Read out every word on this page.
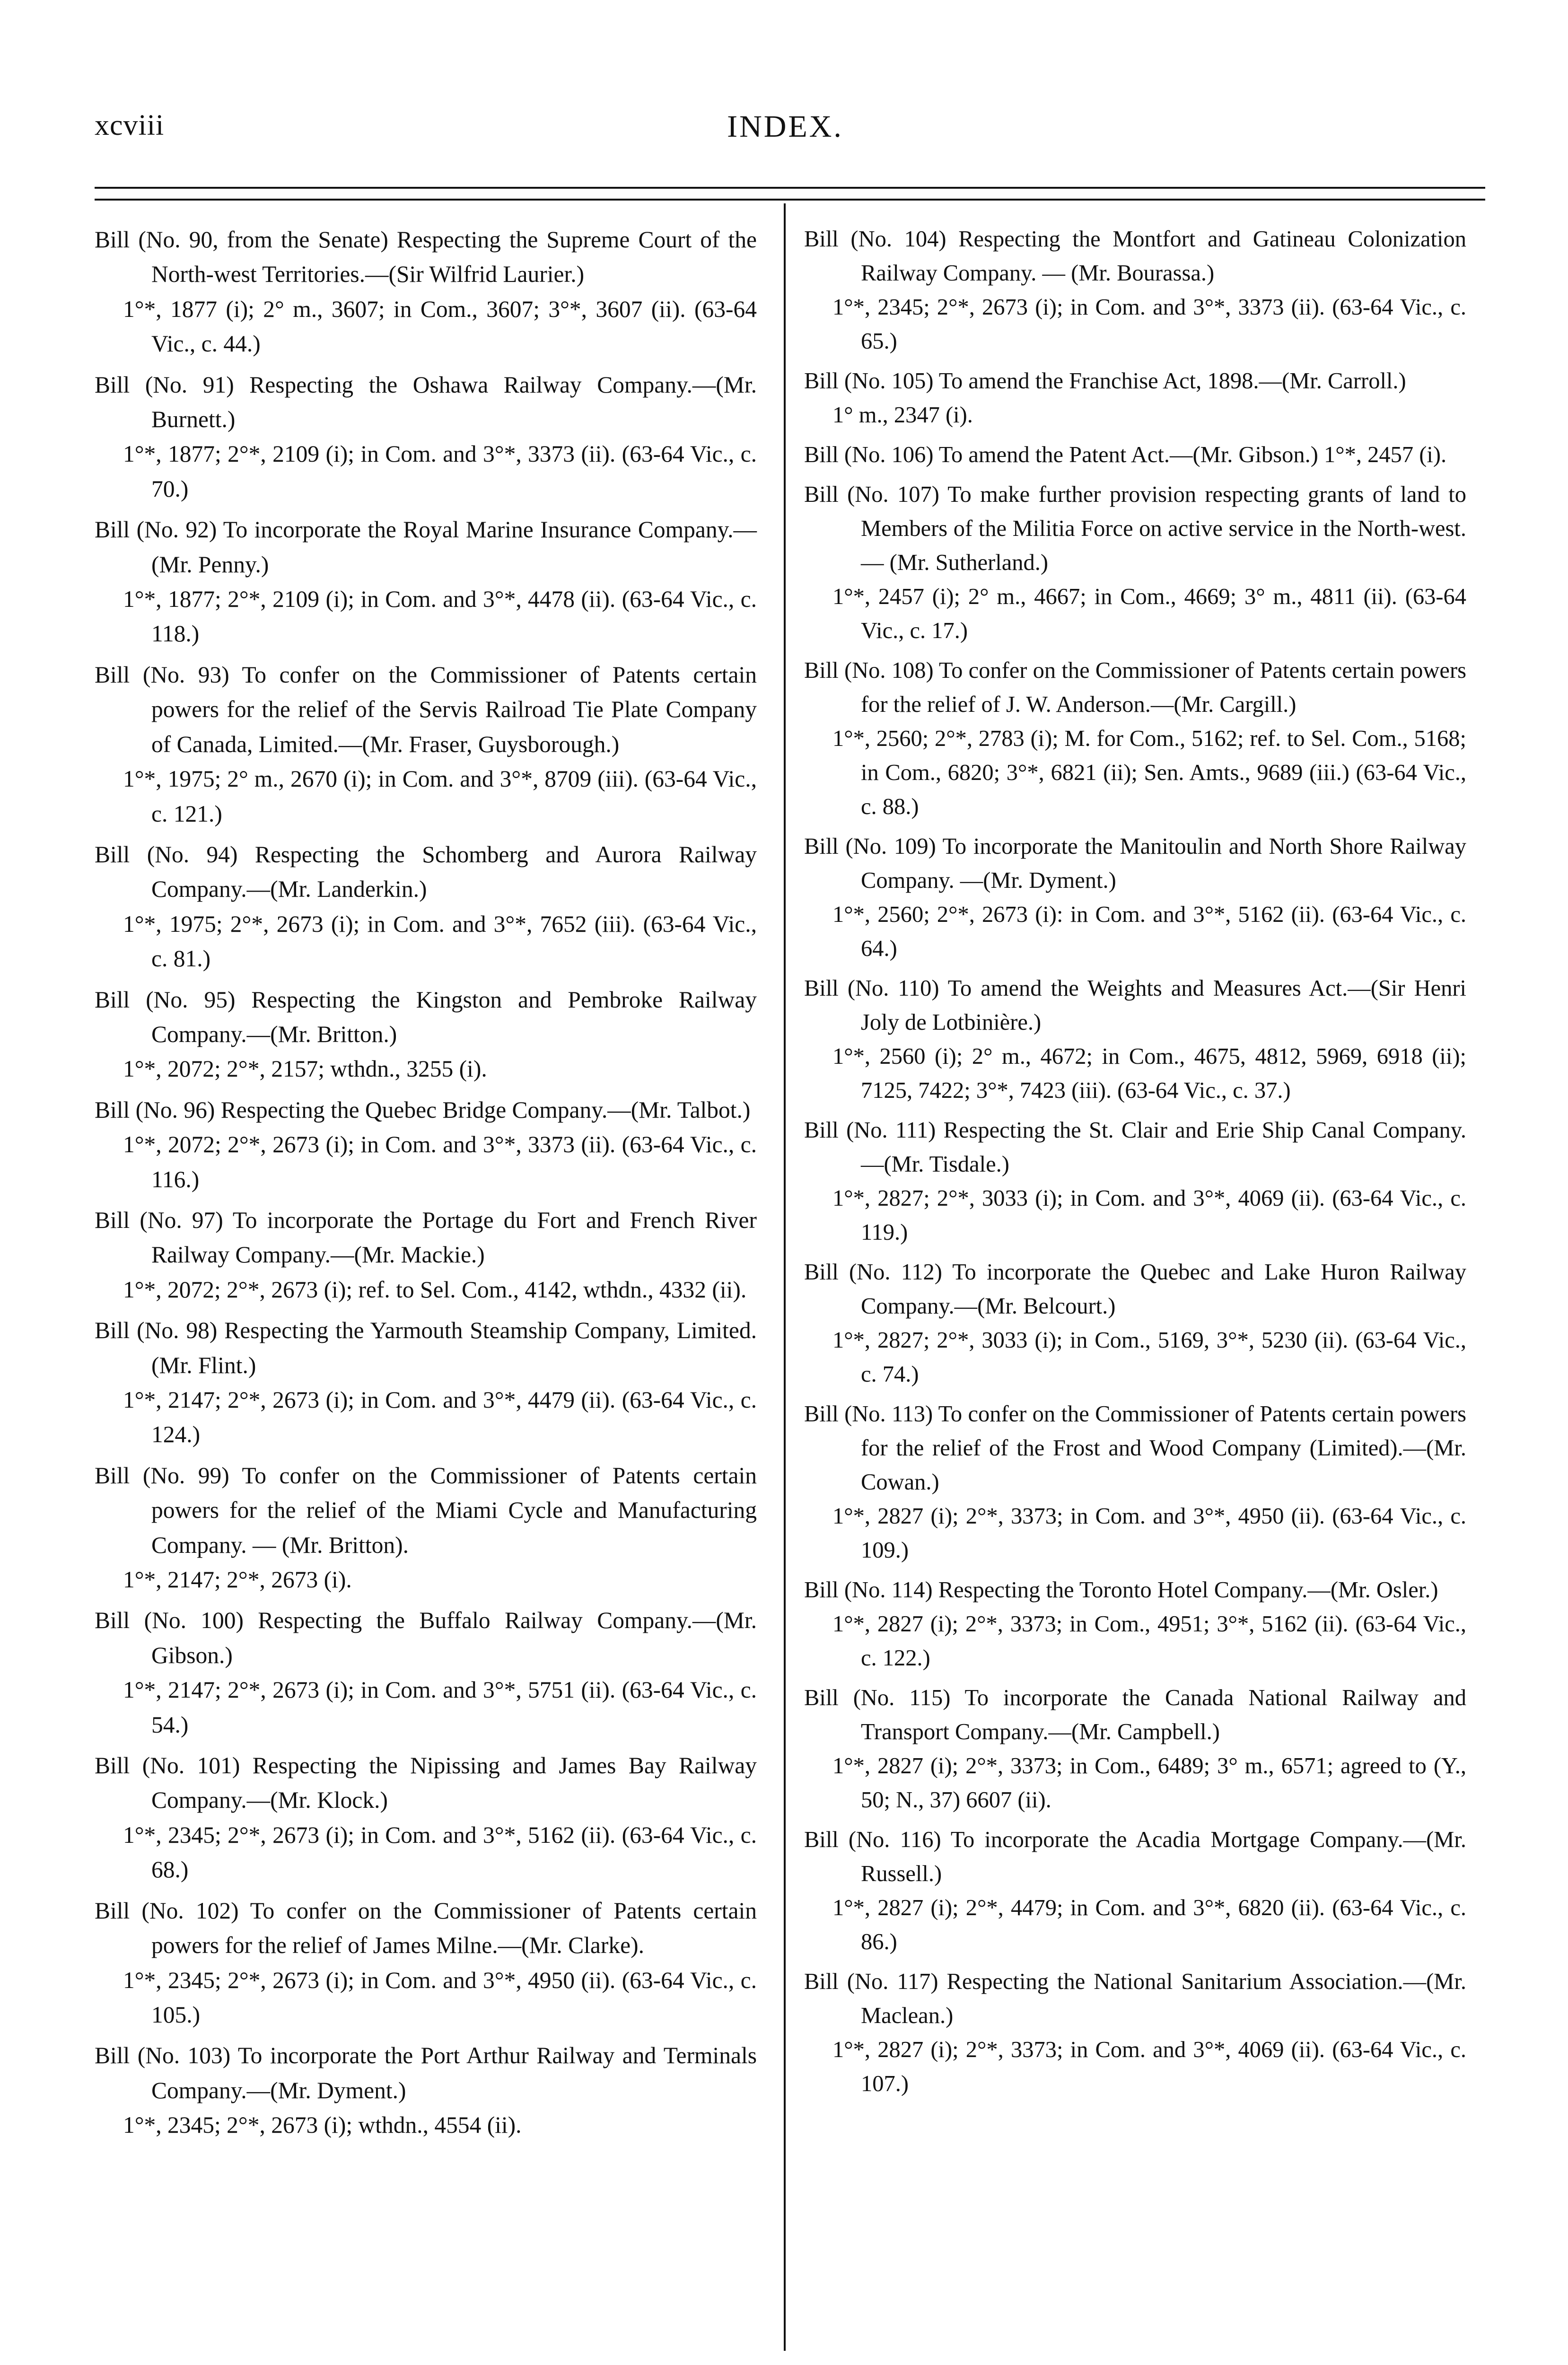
xcviii	INDEX.
Bill (No. 90, from the Senate) Respecting the Supreme Court of the North-west Territories.—(Sir Wilfrid Laurier.)
1°*, 1877 (i); 2° m., 3607; in Com., 3607; 3°*, 3607 (ii). (63-64 Vic., c. 44.)
Bill (No. 91) Respecting the Oshawa Railway Company.—(Mr. Burnett.)
1°*, 1877; 2°*, 2109 (i); in Com. and 3°*, 3373 (ii). (63-64 Vic., c. 70.)
Bill (No. 92) To incorporate the Royal Marine Insurance Company.—(Mr. Penny.)
1°*, 1877; 2°*, 2109 (i); in Com. and 3°*, 4478 (ii). (63-64 Vic., c. 118.)
Bill (No. 93) To confer on the Commissioner of Patents certain powers for the relief of the Servis Railroad Tie Plate Company of Canada, Limited.—(Mr. Fraser, Guysborough.)
1°*, 1975; 2° m., 2670 (i); in Com. and 3°*, 8709 (iii). (63-64 Vic., c. 121.)
Bill (No. 94) Respecting the Schomberg and Aurora Railway Company.—(Mr. Landerkin.)
1°*, 1975; 2°*, 2673 (i); in Com. and 3°*, 7652 (iii). (63-64 Vic., c. 81.)
Bill (No. 95) Respecting the Kingston and Pembroke Railway Company.—(Mr. Britton.)
1°*, 2072; 2°*, 2157; wthdn., 3255 (i).
Bill (No. 96) Respecting the Quebec Bridge Company.—(Mr. Talbot.)
1°*, 2072; 2°*, 2673 (i); in Com. and 3°*, 3373 (ii). (63-64 Vic., c. 116.)
Bill (No. 97) To incorporate the Portage du Fort and French River Railway Company.—(Mr. Mackie.)
1°*, 2072; 2°*, 2673 (i); ref. to Sel. Com., 4142, wthdn., 4332 (ii).
Bill (No. 98) Respecting the Yarmouth Steamship Company, Limited. (Mr. Flint.)
1°*, 2147; 2°*, 2673 (i); in Com. and 3°*, 4479 (ii). (63-64 Vic., c. 124.)
Bill (No. 99) To confer on the Commissioner of Patents certain powers for the relief of the Miami Cycle and Manufacturing Company. — (Mr. Britton).
1°*, 2147; 2°*, 2673 (i).
Bill (No. 100) Respecting the Buffalo Railway Company.—(Mr. Gibson.)
1°*, 2147; 2°*, 2673 (i); in Com. and 3°*, 5751 (ii). (63-64 Vic., c. 54.)
Bill (No. 101) Respecting the Nipissing and James Bay Railway Company.—(Mr. Klock.)
1°*, 2345; 2°*, 2673 (i); in Com. and 3°*, 5162 (ii). (63-64 Vic., c. 68.)
Bill (No. 102) To confer on the Commissioner of Patents certain powers for the relief of James Milne.—(Mr. Clarke).
1°*, 2345; 2°*, 2673 (i); in Com. and 3°*, 4950 (ii). (63-64 Vic., c. 105.)
Bill (No. 103) To incorporate the Port Arthur Railway and Terminals Company.—(Mr. Dyment.)
1°*, 2345; 2°*, 2673 (i); wthdn., 4554 (ii).
Bill (No. 104) Respecting the Montfort and Gatineau Colonization Railway Company. — (Mr. Bourassa.)
1°*, 2345; 2°*, 2673 (i); in Com. and 3°*, 3373 (ii). (63-64 Vic., c. 65.)
Bill (No. 105) To amend the Franchise Act, 1898.—(Mr. Carroll.)
1° m., 2347 (i).
Bill (No. 106) To amend the Patent Act.—(Mr. Gibson.) 1°*, 2457 (i).
Bill (No. 107) To make further provision respecting grants of land to Members of the Militia Force on active service in the North-west. — (Mr. Sutherland.)
1°*, 2457 (i); 2° m., 4667; in Com., 4669; 3° m., 4811 (ii). (63-64 Vic., c. 17.)
Bill (No. 108) To confer on the Commissioner of Patents certain powers for the relief of J. W. Anderson.—(Mr. Cargill.)
1°*, 2560; 2°*, 2783 (i); M. for Com., 5162; ref. to Sel. Com., 5168; in Com., 6820; 3°*, 6821 (ii); Sen. Amts., 9689 (iii.) (63-64 Vic., c. 88.)
Bill (No. 109) To incorporate the Manitoulin and North Shore Railway Company. —(Mr. Dyment.)
1°*, 2560; 2°*, 2673 (i): in Com. and 3°*, 5162 (ii). (63-64 Vic., c. 64.)
Bill (No. 110) To amend the Weights and Measures Act.—(Sir Henri Joly de Lotbinière.)
1°*, 2560 (i); 2° m., 4672; in Com., 4675, 4812, 5969, 6918 (ii); 7125, 7422; 3°*, 7423 (iii). (63-64 Vic., c. 37.)
Bill (No. 111) Respecting the St. Clair and Erie Ship Canal Company.—(Mr. Tisdale.)
1°*, 2827; 2°*, 3033 (i); in Com. and 3°*, 4069 (ii). (63-64 Vic., c. 119.)
Bill (No. 112) To incorporate the Quebec and Lake Huron Railway Company.—(Mr. Belcourt.)
1°*, 2827; 2°*, 3033 (i); in Com., 5169, 3°*, 5230 (ii). (63-64 Vic., c. 74.)
Bill (No. 113) To confer on the Commissioner of Patents certain powers for the relief of the Frost and Wood Company (Limited).—(Mr. Cowan.)
1°*, 2827 (i); 2°*, 3373; in Com. and 3°*, 4950 (ii). (63-64 Vic., c. 109.)
Bill (No. 114) Respecting the Toronto Hotel Company.—(Mr. Osler.)
1°*, 2827 (i); 2°*, 3373; in Com., 4951; 3°*, 5162 (ii). (63-64 Vic., c. 122.)
Bill (No. 115) To incorporate the Canada National Railway and Transport Company.—(Mr. Campbell.)
1°*, 2827 (i); 2°*, 3373; in Com., 6489; 3° m., 6571; agreed to (Y., 50; N., 37) 6607 (ii).
Bill (No. 116) To incorporate the Acadia Mortgage Company.—(Mr. Russell.)
1°*, 2827 (i); 2°*, 4479; in Com. and 3°*, 6820 (ii). (63-64 Vic., c. 86.)
Bill (No. 117) Respecting the National Sanitarium Association.—(Mr. Maclean.)
1°*, 2827 (i); 2°*, 3373; in Com. and 3°*, 4069 (ii). (63-64 Vic., c. 107.)
